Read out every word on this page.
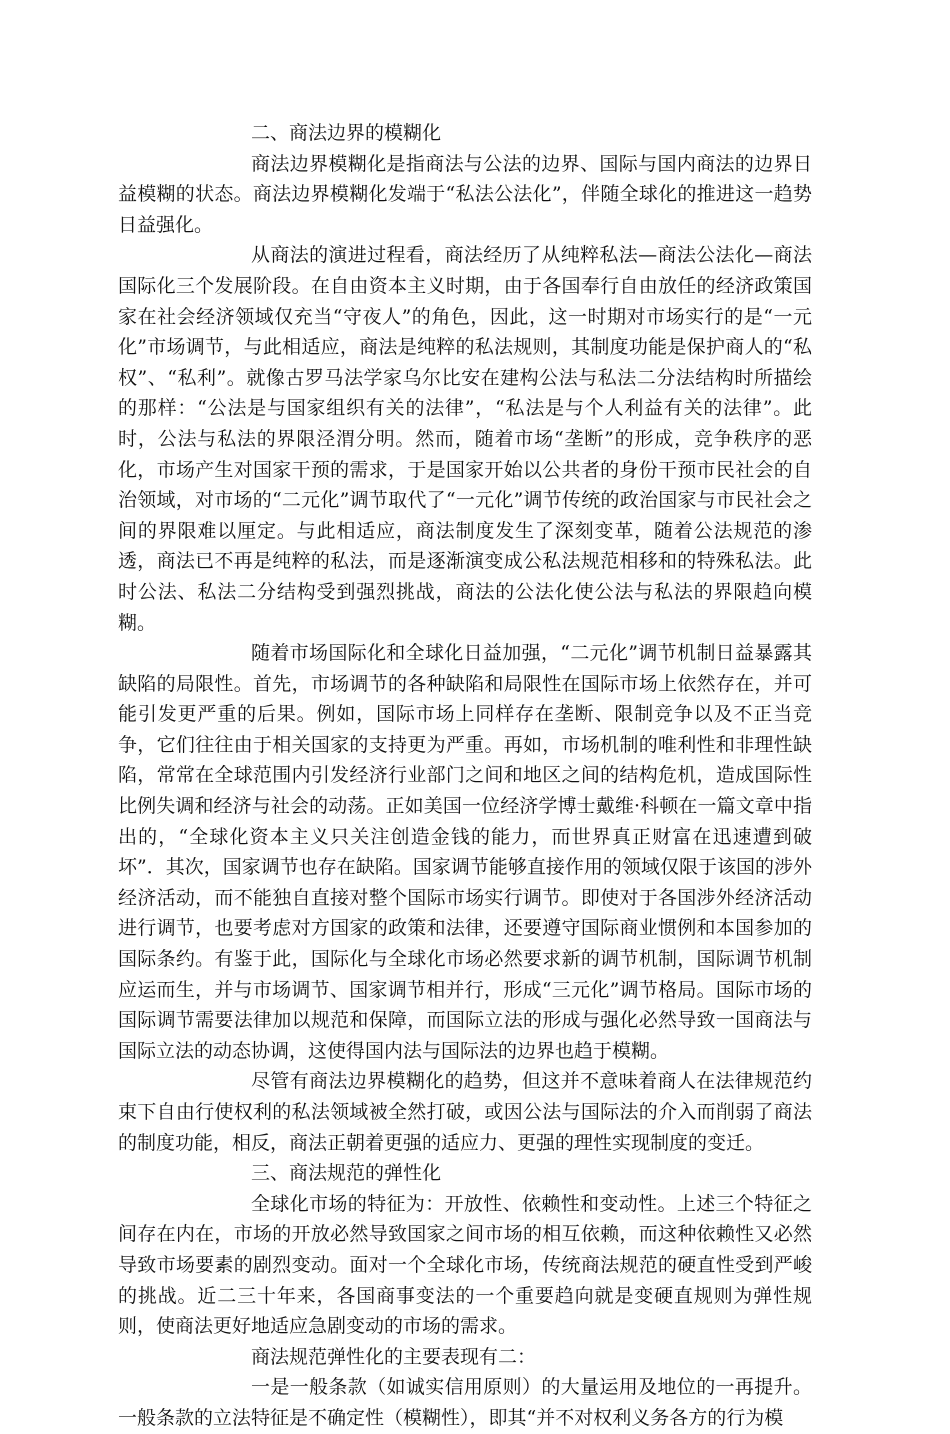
二、商法边界的模糊化

商法边界模糊化是指商法与公法的边界、国际与国内商法的边界日益模糊的状态。商法边界模糊化发端于“私法公法化”，伴随全球化的推进这一趋势日益强化。

从商法的演进过程看，商法经历了从纯粹私法—商法公法化—商法国际化三个发展阶段。在自由资本主义时期，由于各国奉行自由放任的经济政策国家在社会经济领域仅充当“守夜人”的角色，因此，这一时期对市场实行的是“一元化”市场调节，与此相适应，商法是纯粹的私法规则，其制度功能是保护商人的“私权”、“私利”。就像古罗马法学家乌尔比安在建构公法与私法二分法结构时所描绘的那样：“公法是与国家组织有关的法律”，“私法是与个人利益有关的法律”。此时，公法与私法的界限泾渭分明。然而，随着市场“垄断”的形成，竞争秩序的恶化，市场产生对国家干预的需求，于是国家开始以公共者的身份干预市民社会的自治领域，对市场的“二元化”调节取代了“一元化”调节传统的政治国家与市民社会之间的界限难以厘定。与此相适应，商法制度发生了深刻变革，随着公法规范的渗透，商法已不再是纯粹的私法，而是逐渐演变成公私法规范相移和的特殊私法。此时公法、私法二分结构受到强烈挑战，商法的公法化使公法与私法的界限趋向模糊。

随着市场国际化和全球化日益加强，“二元化”调节机制日益暴露其缺陷的局限性。首先，市场调节的各种缺陷和局限性在国际市场上依然存在，并可能引发更严重的后果。例如，国际市场上同样存在垄断、限制竞争以及不正当竞争，它们往往由于相关国家的支持更为严重。再如，市场机制的唯利性和非理性缺陷，常常在全球范围内引发经济行业部门之间和地区之间的结构危机，造成国际性比例失调和经济与社会的动荡。正如美国一位经济学博士戴维·科顿在一篇文章中指出的，“全球化资本主义只关注创造金钱的能力，而世界真正财富在迅速遭到破坏”．其次，国家调节也存在缺陷。国家调节能够直接作用的领域仅限于该国的涉外经济活动，而不能独自直接对整个国际市场实行调节。即使对于各国涉外经济活动进行调节，也要考虑对方国家的政策和法律，还要遵守国际商业惯例和本国参加的国际条约。有鉴于此，国际化与全球化市场必然要求新的调节机制，国际调节机制应运而生，并与市场调节、国家调节相并行，形成“三元化”调节格局。国际市场的国际调节需要法律加以规范和保障，而国际立法的形成与强化必然导致一国商法与国际立法的动态协调，这使得国内法与国际法的边界也趋于模糊。

尽管有商法边界模糊化的趋势，但这并不意味着商人在法律规范约束下自由行使权利的私法领域被全然打破，或因公法与国际法的介入而削弱了商法的制度功能，相反，商法正朝着更强的适应力、更强的理性实现制度的变迁。

三、商法规范的弹性化

全球化市场的特征为：开放性、依赖性和变动性。上述三个特征之间存在内在，市场的开放必然导致国家之间市场的相互依赖，而这种依赖性又必然导致市场要素的剧烈变动。面对一个全球化市场，传统商法规范的硬直性受到严峻的挑战。近二三十年来，各国商事变法的一个重要趋向就是变硬直规则为弹性规则，使商法更好地适应急剧变动的市场的需求。

商法规范弹性化的主要表现有二：

一是一般条款（如诚实信用原则）的大量运用及地位的一再提升。一般条款的立法特征是不确定性（模糊性），即其“并不对权利义务各方的行为模
